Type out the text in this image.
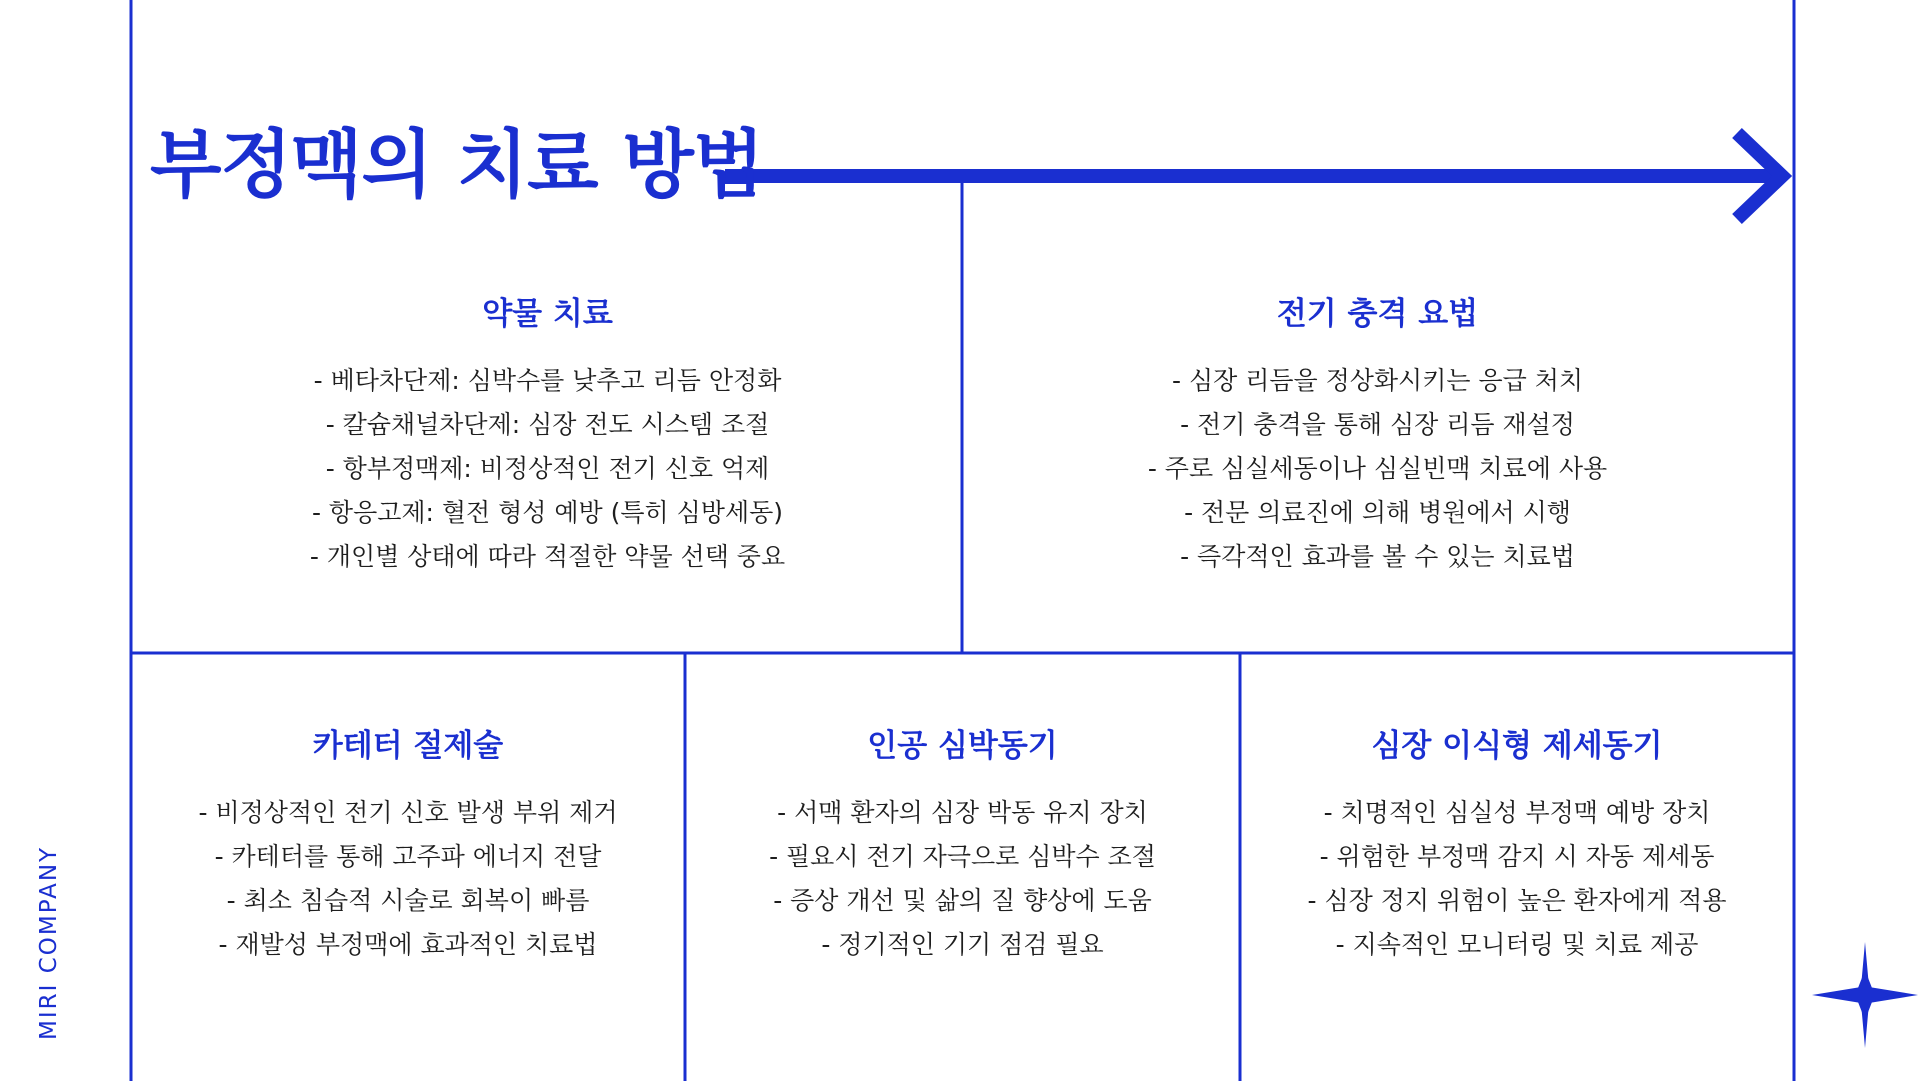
부정맥의 치료 방법
MIRI COMPANY
약물 치료
- 베타차단제: 심박수를 낮추고 리듬 안정화
- 칼슘채널차단제: 심장 전도 시스템 조절
- 항부정맥제: 비정상적인 전기 신호 억제
- 항응고제: 혈전 형성 예방 (특히 심방세동)
- 개인별 상태에 따라 적절한 약물 선택 중요
전기 충격 요법
- 심장 리듬을 정상화시키는 응급 처치
- 전기 충격을 통해 심장 리듬 재설정
- 주로 심실세동이나 심실빈맥 치료에 사용
- 전문 의료진에 의해 병원에서 시행
- 즉각적인 효과를 볼 수 있는 치료법
카테터 절제술
- 비정상적인 전기 신호 발생 부위 제거
- 카테터를 통해 고주파 에너지 전달
- 최소 침습적 시술로 회복이 빠름
- 재발성 부정맥에 효과적인 치료법
인공 심박동기
- 서맥 환자의 심장 박동 유지 장치
- 필요시 전기 자극으로 심박수 조절
- 증상 개선 및 삶의 질 향상에 도움
- 정기적인 기기 점검 필요
심장 이식형 제세동기
- 치명적인 심실성 부정맥 예방 장치
- 위험한 부정맥 감지 시 자동 제세동
- 심장 정지 위험이 높은 환자에게 적용
- 지속적인 모니터링 및 치료 제공
